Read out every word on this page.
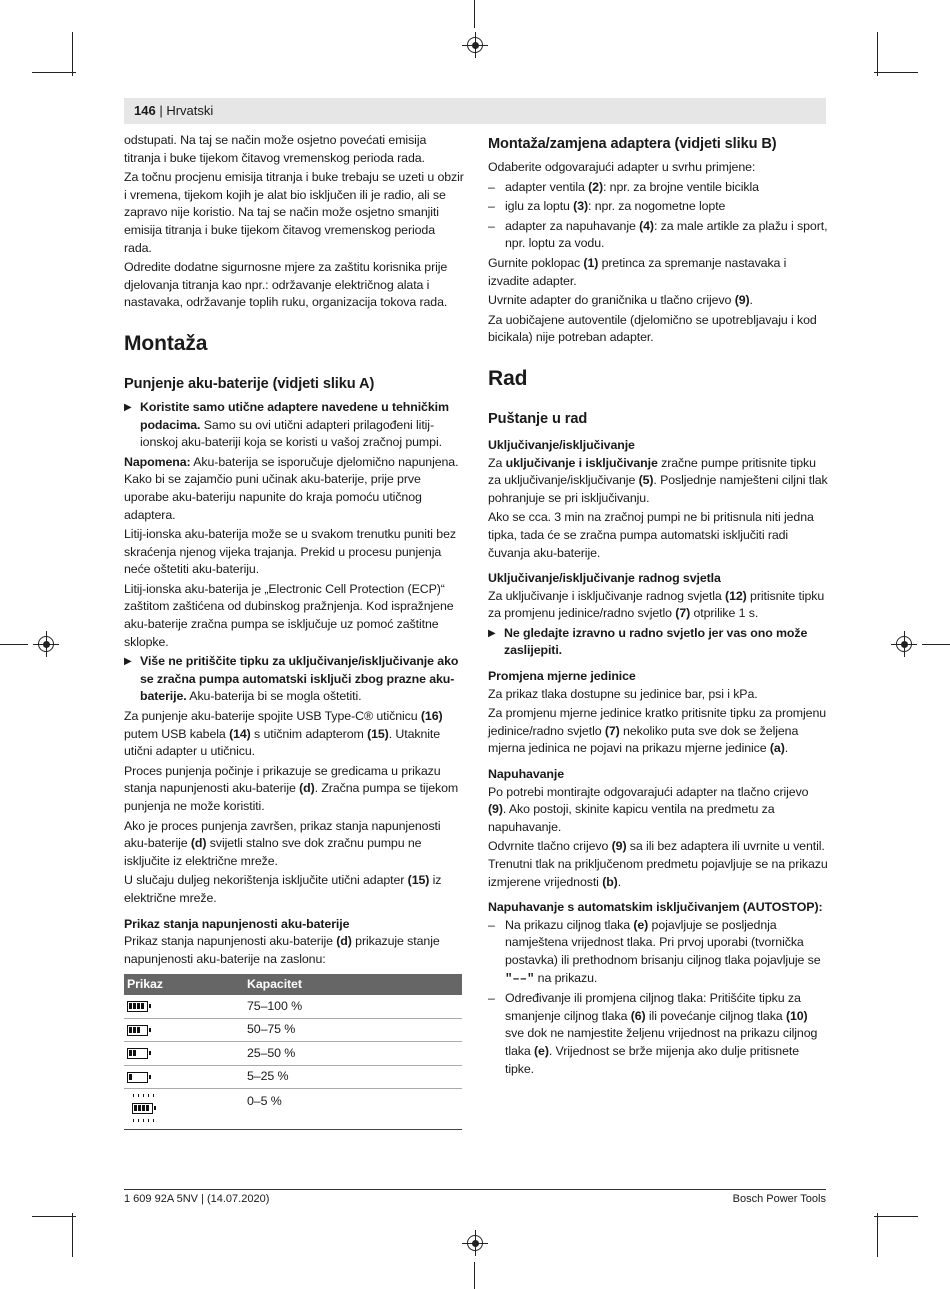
146 | Hrvatski

odstupati. Na taj se način može osjetno povećati emisija titranja i buke tijekom čitavog vremenskog perioda rada.

Za točnu procjenu emisija titranja i buke trebaju se uzeti u obzir i vremena, tijekom kojih je alat bio isključen ili je radio, ali se zapravo nije koristio. Na taj se način može osjetno smanjiti emisija titranja i buke tijekom čitavog vremenskog perioda rada.

Odredite dodatne sigurnosne mjere za zaštitu korisnika prije djelovanja titranja kao npr.: održavanje električnog alata i nastavaka, održavanje toplih ruku, organizacija tokova rada.

Montaža
Punjenje aku-baterije (vidjeti sliku A)
▶ Koristite samo utične adaptere navedene u tehničkim podacima. Samo su ovi utični adapteri prilagođeni litij-ionskoj aku-bateriji koja se koristi u vašoj zračnoj pumpi.

Napomena: Aku-baterija se isporučuje djelomično napunjena. Kako bi se zajamčio puni učinak aku-baterije, prije prve uporabe aku-bateriju napunite do kraja pomoću utičnog adaptera.

Litij-ionska aku-baterija može se u svakom trenutku puniti bez skraćenja njenog vijeka trajanja. Prekid u procesu punjenja neće oštetiti aku-bateriju.

Litij-ionska aku-baterija je „Electronic Cell Protection (ECP)“ zaštitom zaštićena od dubinskog pražnjenja. Kod ispražnjene aku-baterije zračna pumpa se isključuje uz pomoć zaštitne sklopke.

▶ Više ne pritiščite tipku za uključivanje/isključivanje ako se zračna pumpa automatski isključi zbog prazne aku-baterije. Aku-baterija bi se mogla oštetiti.

Za punjenje aku-baterije spojite USB Type-C® utičnicu (16) putem USB kabela (14) s utičnim adapterom (15). Utaknite utični adapter u utičnicu.

Proces punjenja počinje i prikazuje se gredicama u prikazu stanja napunjenosti aku-baterije (d). Zračna pumpa se tijekom punjenja ne može koristiti.

Ako je proces punjenja završen, prikaz stanja napunjenosti aku-baterije (d) svijetli stalno sve dok zračnu pumpu ne isključite iz električne mreže.

U slučaju duljeg nekorištenja isključite utični adapter (15) iz električne mreže.

Prikaz stanja napunjenosti aku-baterije

Prikaz stanja napunjenosti aku-baterije (d) prikazuje stanje napunjenosti aku-baterije na zaslonu:

Prikaz	Kapacitet
75–100 %
50–75 %
25–50 %
5–25 %
0–5 %
Montaža/zamjena adaptera (vidjeti sliku B)

Odaberite odgovarajući adapter u svrhu primjene:

– adapter ventila (2): npr. za brojne ventile bicikla
– iglu za loptu (3): npr. za nogometne lopte
– adapter za napuhavanje (4): za male artikle za plažu i sport, npr. loptu za vodu.

Gurnite poklopac (1) pretinca za spremanje nastavaka i izvadite adapter.

Uvrnite adapter do graničnika u tlačno crijevo (9).

Za uobičajene autoventile (djelomično se upotrebljavaju i kod bicikala) nije potreban adapter.

Rad
Puštanje u rad
Uključivanje/isključivanje

Za uključivanje i isključivanje zračne pumpe pritisnite tipku za uključivanje/isključivanje (5). Posljednje namješteni ciljni tlak pohranjuje se pri isključivanju.

Ako se cca. 3 min na zračnoj pumpi ne bi pritisnula niti jedna tipka, tada će se zračna pumpa automatski isključiti radi čuvanja aku-baterije.

Uključivanje/isključivanje radnog svjetla

Za uključivanje i isključivanje radnog svjetla (12) pritisnite tipku za promjenu jedinice/radno svjetlo (7) otprilike 1 s.

▶ Ne gledajte izravno u radno svjetlo jer vas ono može zaslijepiti.
Promjena mjerne jedinice

Za prikaz tlaka dostupne su jedinice bar, psi i kPa.

Za promjenu mjerne jedinice kratko pritisnite tipku za promjenu jedinice/radno svjetlo (7) nekoliko puta sve dok se željena mjerna jedinica ne pojavi na prikazu mjerne jedinice (a).

Napuhavanje

Po potrebi montirajte odgovarajući adapter na tlačno crijevo (9). Ako postoji, skinite kapicu ventila na predmetu za napuhavanje.

Odvrnite tlačno crijevo (9) sa ili bez adaptera ili uvrnite u ventil. Trenutni tlak na priključenom predmetu pojavljuje se na prikazu izmjerene vrijednosti (b).

Napuhavanje s automatskim isključivanjem (AUTOSTOP):
– Na prikazu ciljnog tlaka (e) pojavljuje se posljednja namještena vrijednost tlaka. Pri prvoj uporabi (tvornička postavka) ili prethodnom brisanju ciljnog tlaka pojavljuje se "––" na prikazu.
– Određivanje ili promjena ciljnog tlaka: Pritišćite tipku za smanjenje ciljnog tlaka (6) ili povećanje ciljnog tlaka (10) sve dok ne namjestite željenu vrijednost na prikazu ciljnog tlaka (e). Vrijednost se brže mijenja ako dulje pritisnete tipke.
1 609 92A 5NV | (14.07.2020)	Bosch Power Tools
